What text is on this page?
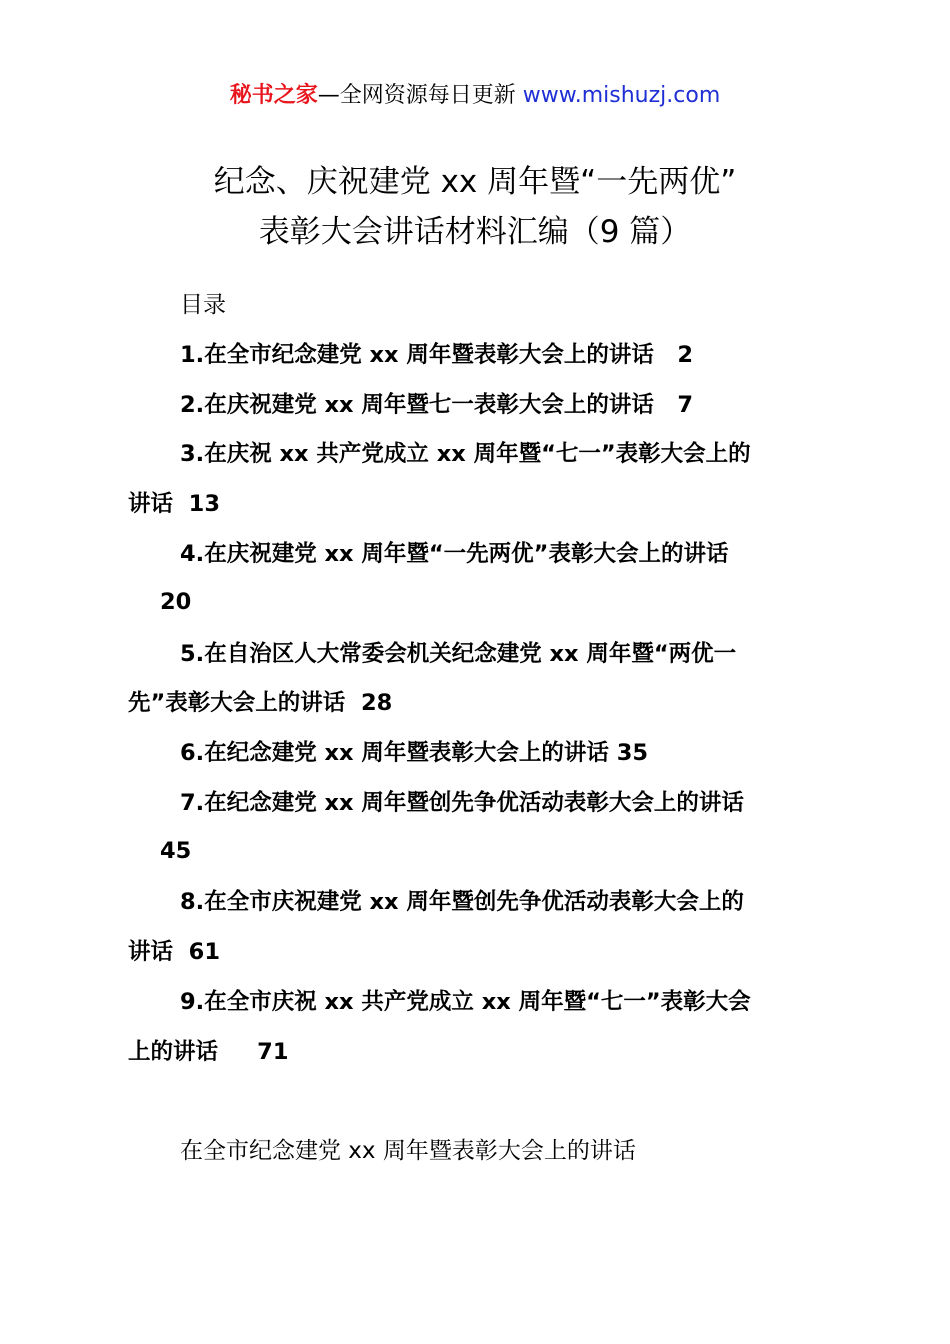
秘书之家—全网资源每日更新 www.mishuzj.com
纪念、庆祝建党 xx 周年暨“一先两优”
表彰大会讲话材料汇编（9 篇）
目录
1.在全市纪念建党 xx 周年暨表彰大会上的讲话   2
2.在庆祝建党 xx 周年暨七一表彰大会上的讲话   7
3.在庆祝 xx 共产党成立 xx 周年暨“七一”表彰大会上的
讲话  13
4.在庆祝建党 xx 周年暨“一先两优”表彰大会上的讲话
20
5.在自治区人大常委会机关纪念建党 xx 周年暨“两优一
先”表彰大会上的讲话  28
6.在纪念建党 xx 周年暨表彰大会上的讲话 35
7.在纪念建党 xx 周年暨创先争优活动表彰大会上的讲话
45
8.在全市庆祝建党 xx 周年暨创先争优活动表彰大会上的
讲话  61
9.在全市庆祝 xx 共产党成立 xx 周年暨“七一”表彰大会
上的讲话     71
在全市纪念建党 xx 周年暨表彰大会上的讲话
